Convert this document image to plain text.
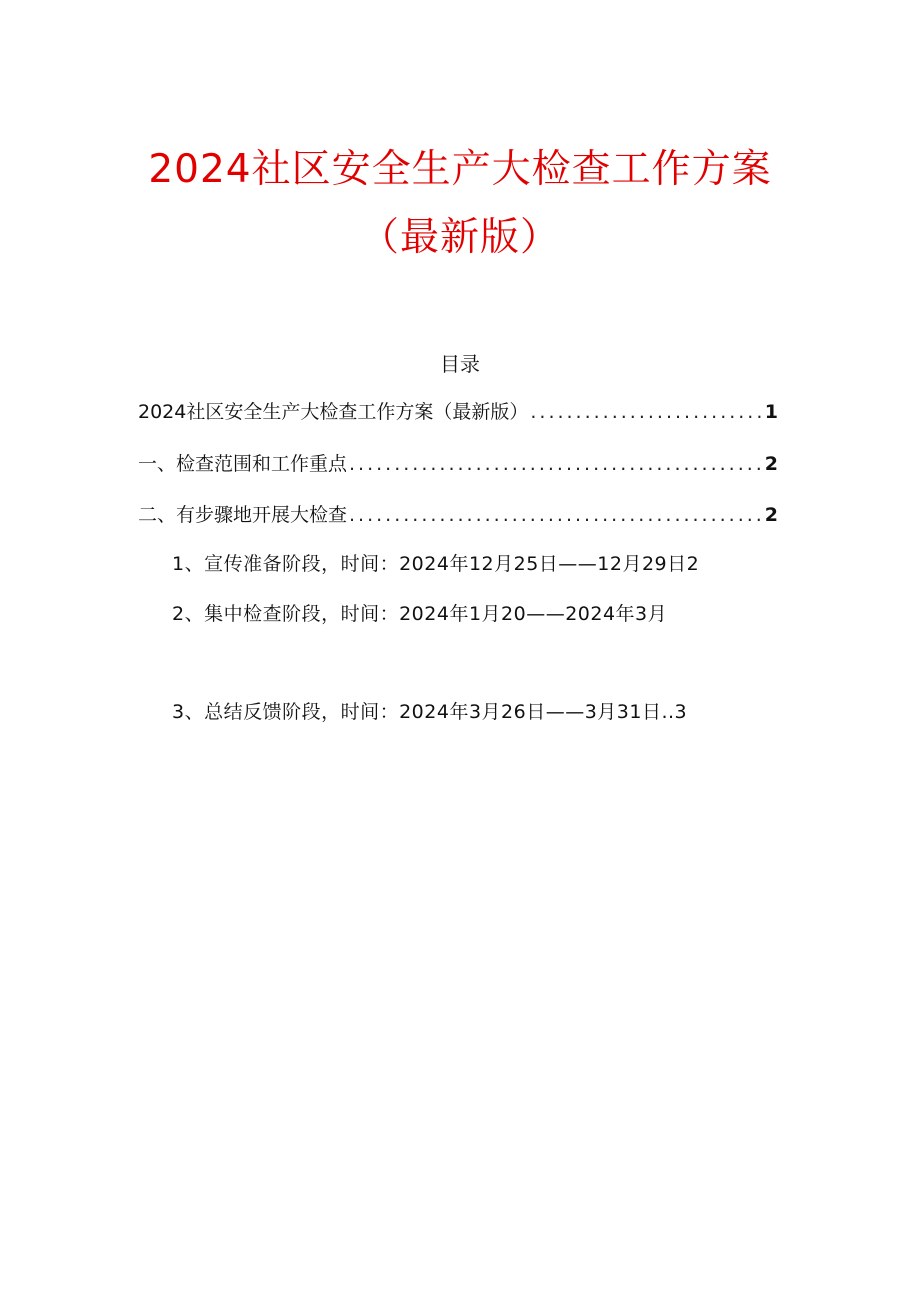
2024社区安全生产大检查工作方案
（最新版）
目录
2024社区安全生产大检查工作方案（最新版） .....	1
一、检查范围和工作重点 .....	2
二、有步骤地开展大检查 .....	2
1、宣传准备阶段，时间：2024年12月25日——12月29日2
2、集中检查阶段，时间：2024年1月20——2024年3月
3、总结反馈阶段，时间：2024年3月26日——3月31日..3
